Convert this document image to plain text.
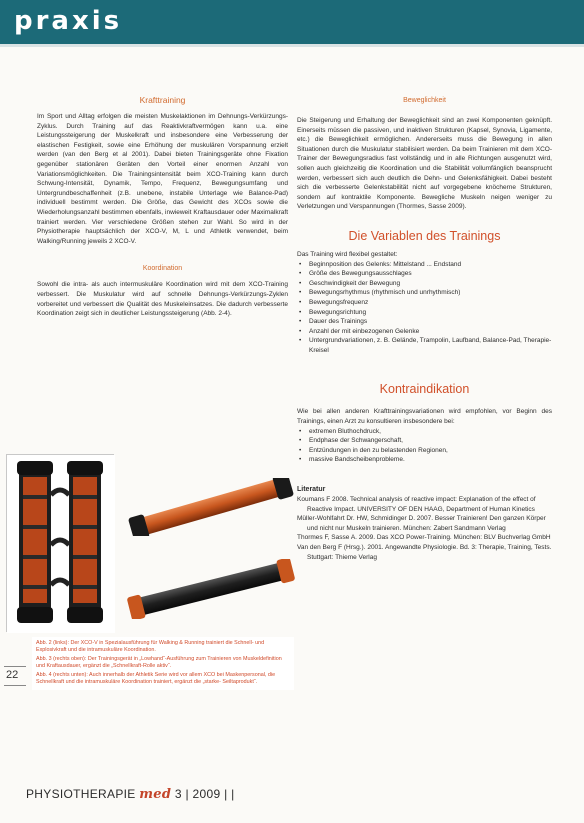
praxis
Krafttraining

Im Sport und Alltag erfolgen die meisten Muskelaktionen im Dehnungs-Verkürzungs-Zyklus. Durch Training auf das Reaktivkraftvermögen kann u.a. eine Leistungssteigerung der Muskelkraft und insbesondere eine Verbesserung der elastischen Festigkeit, sowie eine Erhöhung der muskulären Vorspannung erzielt werden (van den Berg et al 2001). Dabei bieten Trainingsgeräte ohne Fixation gegenüber stationären Geräten den Vorteil einer enormen Anzahl von Variationsmöglichkeiten. Die Trainingsintensität beim XCO-Training kann durch Schwung-Intensität, Dynamik, Tempo, Frequenz, Bewegungsumfang und Untergrundbeschaffenheit (z.B. unebene, instabile Unterlage wie Balance-Pad) individuell bestimmt werden. Die Größe, das Gewicht des XCOs sowie die Wiederholungsanzahl bestimmen ebenfalls, inwieweit Kraftausdauer oder Maximalkraft trainiert werden. Vier verschiedene Größen stehen zur Wahl. So wird in der Physiotherapie hauptsächlich der XCO-V, M, L und Athletik verwendet, beim Walking/Running jeweils 2 XCO-V.

Koordination

Sowohl die intra- als auch intermuskuläre Koordination wird mit dem XCO-Training verbessert. Die Muskulatur wird auf schnelle Dehnungs-Verkürzungs-Zyklen vorbereitet und verbessert die Qualität des Muskeleinsatzes. Die dadurch verbesserte Koordination zeigt sich in deutlicher Leistungssteigerung (Abb. 2-4).

Abb. 2 (links): Der XCO-V in Spezialausführung für Walking & Running trainiert die Schnell- und Explosivkraft und die intramuskuläre Koordination.

Abb. 3 (rechts oben): Der Trainingsgerät in „Lowhand“-Ausführung zum Trainieren von Muskeldefinition und Kraftausdauer, ergänzt die „Schnellkraft-Rolle aktiv“.

Abb. 4 (rechts unten): Auch innerhalb der Athletik Serie wird vor allem XCO bei Maskenpersonal, die Schnellkraft und die intramuskuläre Koordination trainiert, ergänzt die „starke- Seiltaprodukt“.

22
PHYSIOTHERAPIE med 3 | 2009 | |
Beweglichkeit

Die Steigerung und Erhaltung der Beweglichkeit sind an zwei Komponenten geknüpft. Einerseits müssen die passiven, und inaktiven Strukturen (Kapsel, Synovia, Ligamente, etc.) die Beweglichkeit ermöglichen. Andererseits muss die Bewegung in allen Situationen durch die Muskulatur stabilisiert werden. Da beim Trainieren mit dem XCO-Trainer der Bewegungsradius fast vollständig und in alle Richtungen ausgenutzt wird, sollen auch gleichzeitig die Koordination und die Stabilität vollumfänglich beansprucht werden, verbessert sich auch deutlich die Dehn- und Gelenksfähigkeit. Dabei besteht sich die verbesserte Gelenkstabilität nicht auf vorgegebene knöcherne Strukturen, sondern auf kontraktile Komponente. Bewegliche Muskeln neigen weniger zu Verletzungen und Verspannungen (Thormes, Sasse 2009).

Die Variablen des Trainings

Das Training wird flexibel gestaltet:

• Beginnposition des Gelenks: Mittelstand ... Endstand
• Größe des Bewegungsausschlages
• Geschwindigkeit der Bewegung
• Bewegungsrhythmus (rhythmisch und unrhythmisch)
• Bewegungsfrequenz
• Bewegungsrichtung
• Dauer des Trainings
• Anzahl der mit einbezogenen Gelenke
• Untergrundvariationen, z. B. Gelände, Trampolin, Laufband, Balance-Pad, Therapie-Kreisel
Kontraindikation

Wie bei allen anderen Krafttrainingsvariationen wird empfohlen, vor Beginn des Trainings, einen Arzt zu konsultieren insbesondere bei:

• extremen Bluthochdruck,
• Endphase der Schwangerschaft,
• Entzündungen in den zu belastenden Regionen,
• massive Bandscheibenprobleme.
Literatur

Koumans F 2008. Technical analysis of reactive impact: Explanation of the effect of Reactive Impact. UNIVERSITY OF DEN HAAG, Department of Human Kinetics

Müller-Wohlfahrt Dr. HW, Schmidinger D. 2007. Besser Trainieren! Den ganzen Körper und nicht nur Muskeln trainieren. München: Zabert Sandmann Verlag

Thormes F, Sasse A. 2009. Das XCO Power-Training. München: BLV Buchverlag GmbH

Van den Berg F (Hrsg.). 2001. Angewandte Physiologie. Bd. 3: Therapie, Training, Tests. Stuttgart: Thieme Verlag
